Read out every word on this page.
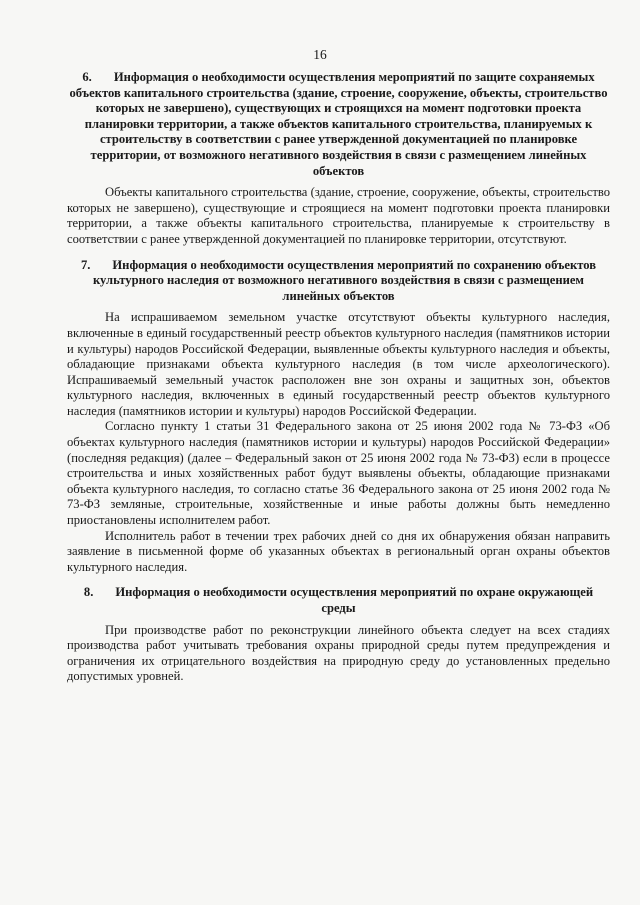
16

6. Информация о необходимости осуществления мероприятий по защите сохраняемых объектов капитального строительства (здание, строение, сооружение, объекты, строительство которых не завершено), существующих и строящихся на момент подготовки проекта планировки территории, а также объектов капитального строительства, планируемых к строительству в соответствии с ранее утвержденной документацией по планировке территории, от возможного негативного воздействия в связи с размещением линейных объектов

Объекты капитального строительства (здание, строение, сооружение, объекты, строительство которых не завершено), существующие и строящиеся на момент подготовки проекта планировки территории, а также объекты капитального строительства, планируемые к строительству в соответствии с ранее утвержденной документацией по планировке территории, отсутствуют.

7. Информация о необходимости осуществления мероприятий по сохранению объектов культурного наследия от возможного негативного воздействия в связи с размещением линейных объектов

На испрашиваемом земельном участке отсутствуют объекты культурного наследия, включенные в единый государственный реестр объектов культурного наследия (памятников истории и культуры) народов Российской Федерации, выявленные объекты культурного наследия и объекты, обладающие признаками объекта культурного наследия (в том числе археологического). Испрашиваемый земельный участок расположен вне зон охраны и защитных зон, объектов культурного наследия, включенных в единый государственный реестр объектов культурного наследия (памятников истории и культуры) народов Российской Федерации.

Согласно пункту 1 статьи 31 Федерального закона от 25 июня 2002 года № 73-ФЗ «Об объектах культурного наследия (памятников истории и культуры) народов Российской Федерации» (последняя редакция) (далее – Федеральный закон от 25 июня 2002 года № 73-ФЗ) если в процессе строительства и иных хозяйственных работ будут выявлены объекты, обладающие признаками объекта культурного наследия, то согласно статье 36 Федерального закона от 25 июня 2002 года № 73-ФЗ земляные, строительные, хозяйственные и иные работы должны быть немедленно приостановлены исполнителем работ.

Исполнитель работ в течении трех рабочих дней со дня их обнаружения обязан направить заявление в письменной форме об указанных объектах в региональный орган охраны объектов культурного наследия.

8. Информация о необходимости осуществления мероприятий по охране окружающей среды

При производстве работ по реконструкции линейного объекта следует на всех стадиях производства работ учитывать требования охраны природной среды путем предупреждения и ограничения их отрицательного воздействия на природную среду до установленных предельно допустимых уровней.
